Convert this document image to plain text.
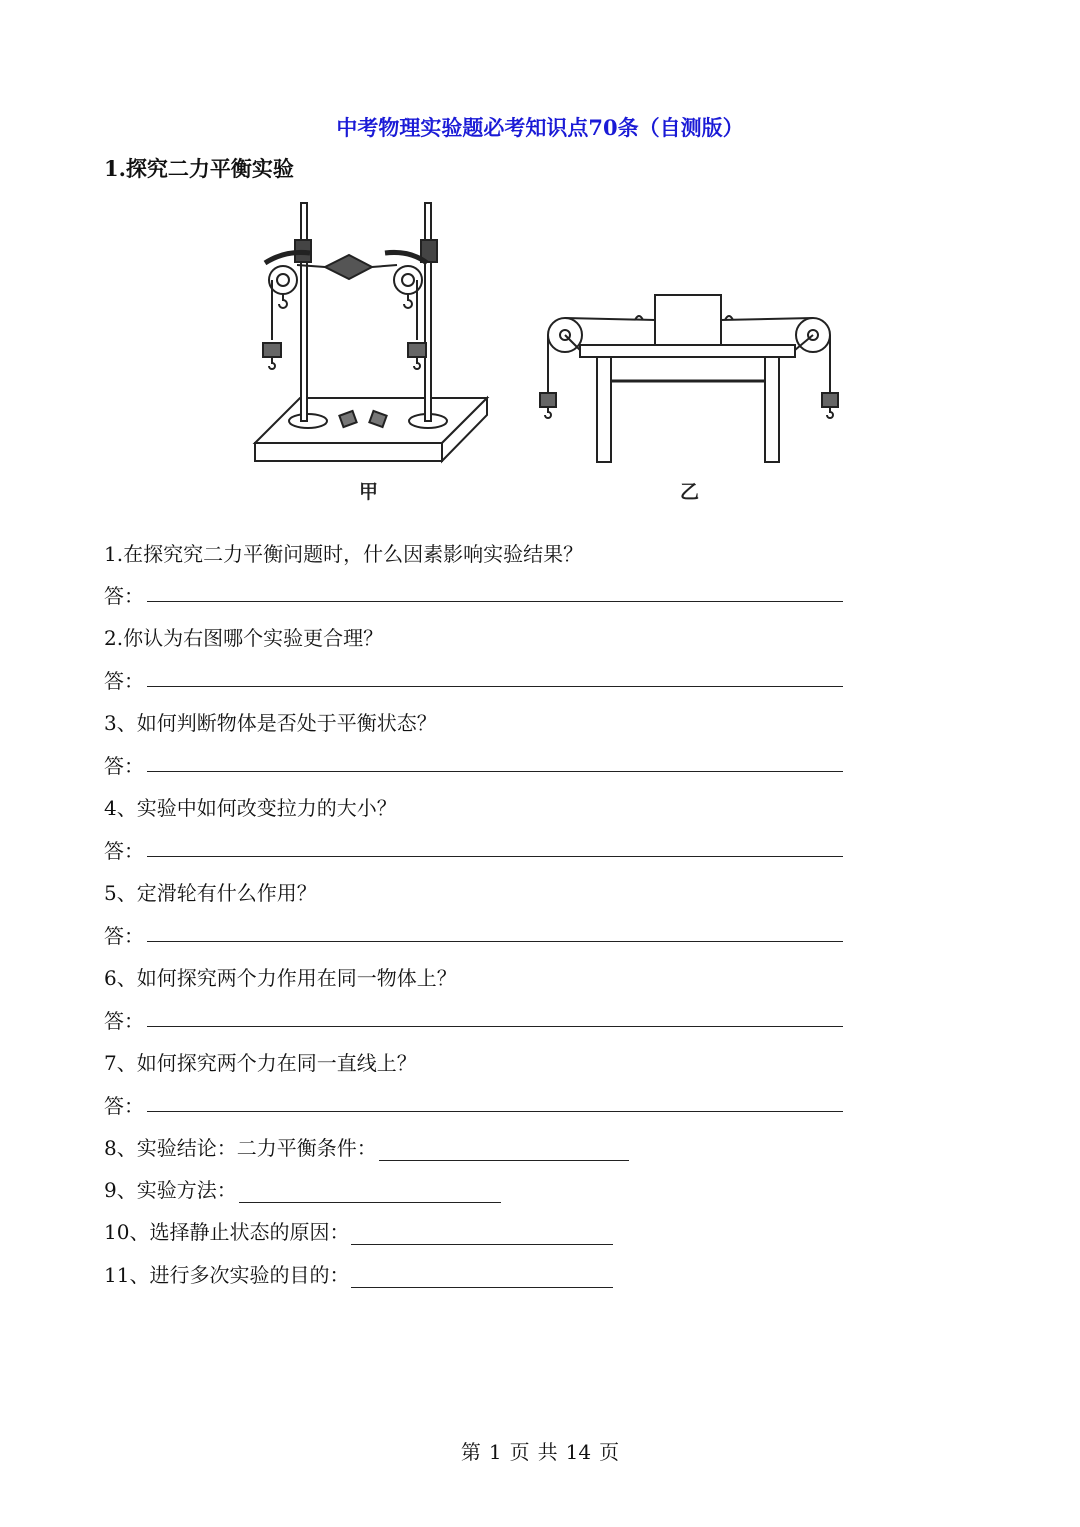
中考物理实验题必考知识点70条（自测版）
1.探究二力平衡实验
甲	乙
1.在探究究二力平衡问题时，什么因素影响实验结果？
答：
2.你认为右图哪个实验更合理？
答：
3、如何判断物体是否处于平衡状态？
答：
4、实验中如何改变拉力的大小？
答：
5、定滑轮有什么作用？
答：
6、如何探究两个力作用在同一物体上？
答：
7、如何探究两个力在同一直线上？
答：
8、实验结论：二力平衡条件：
9、实验方法：
10、选择静止状态的原因：
11、进行多次实验的目的：
第 1 页 共 14 页
